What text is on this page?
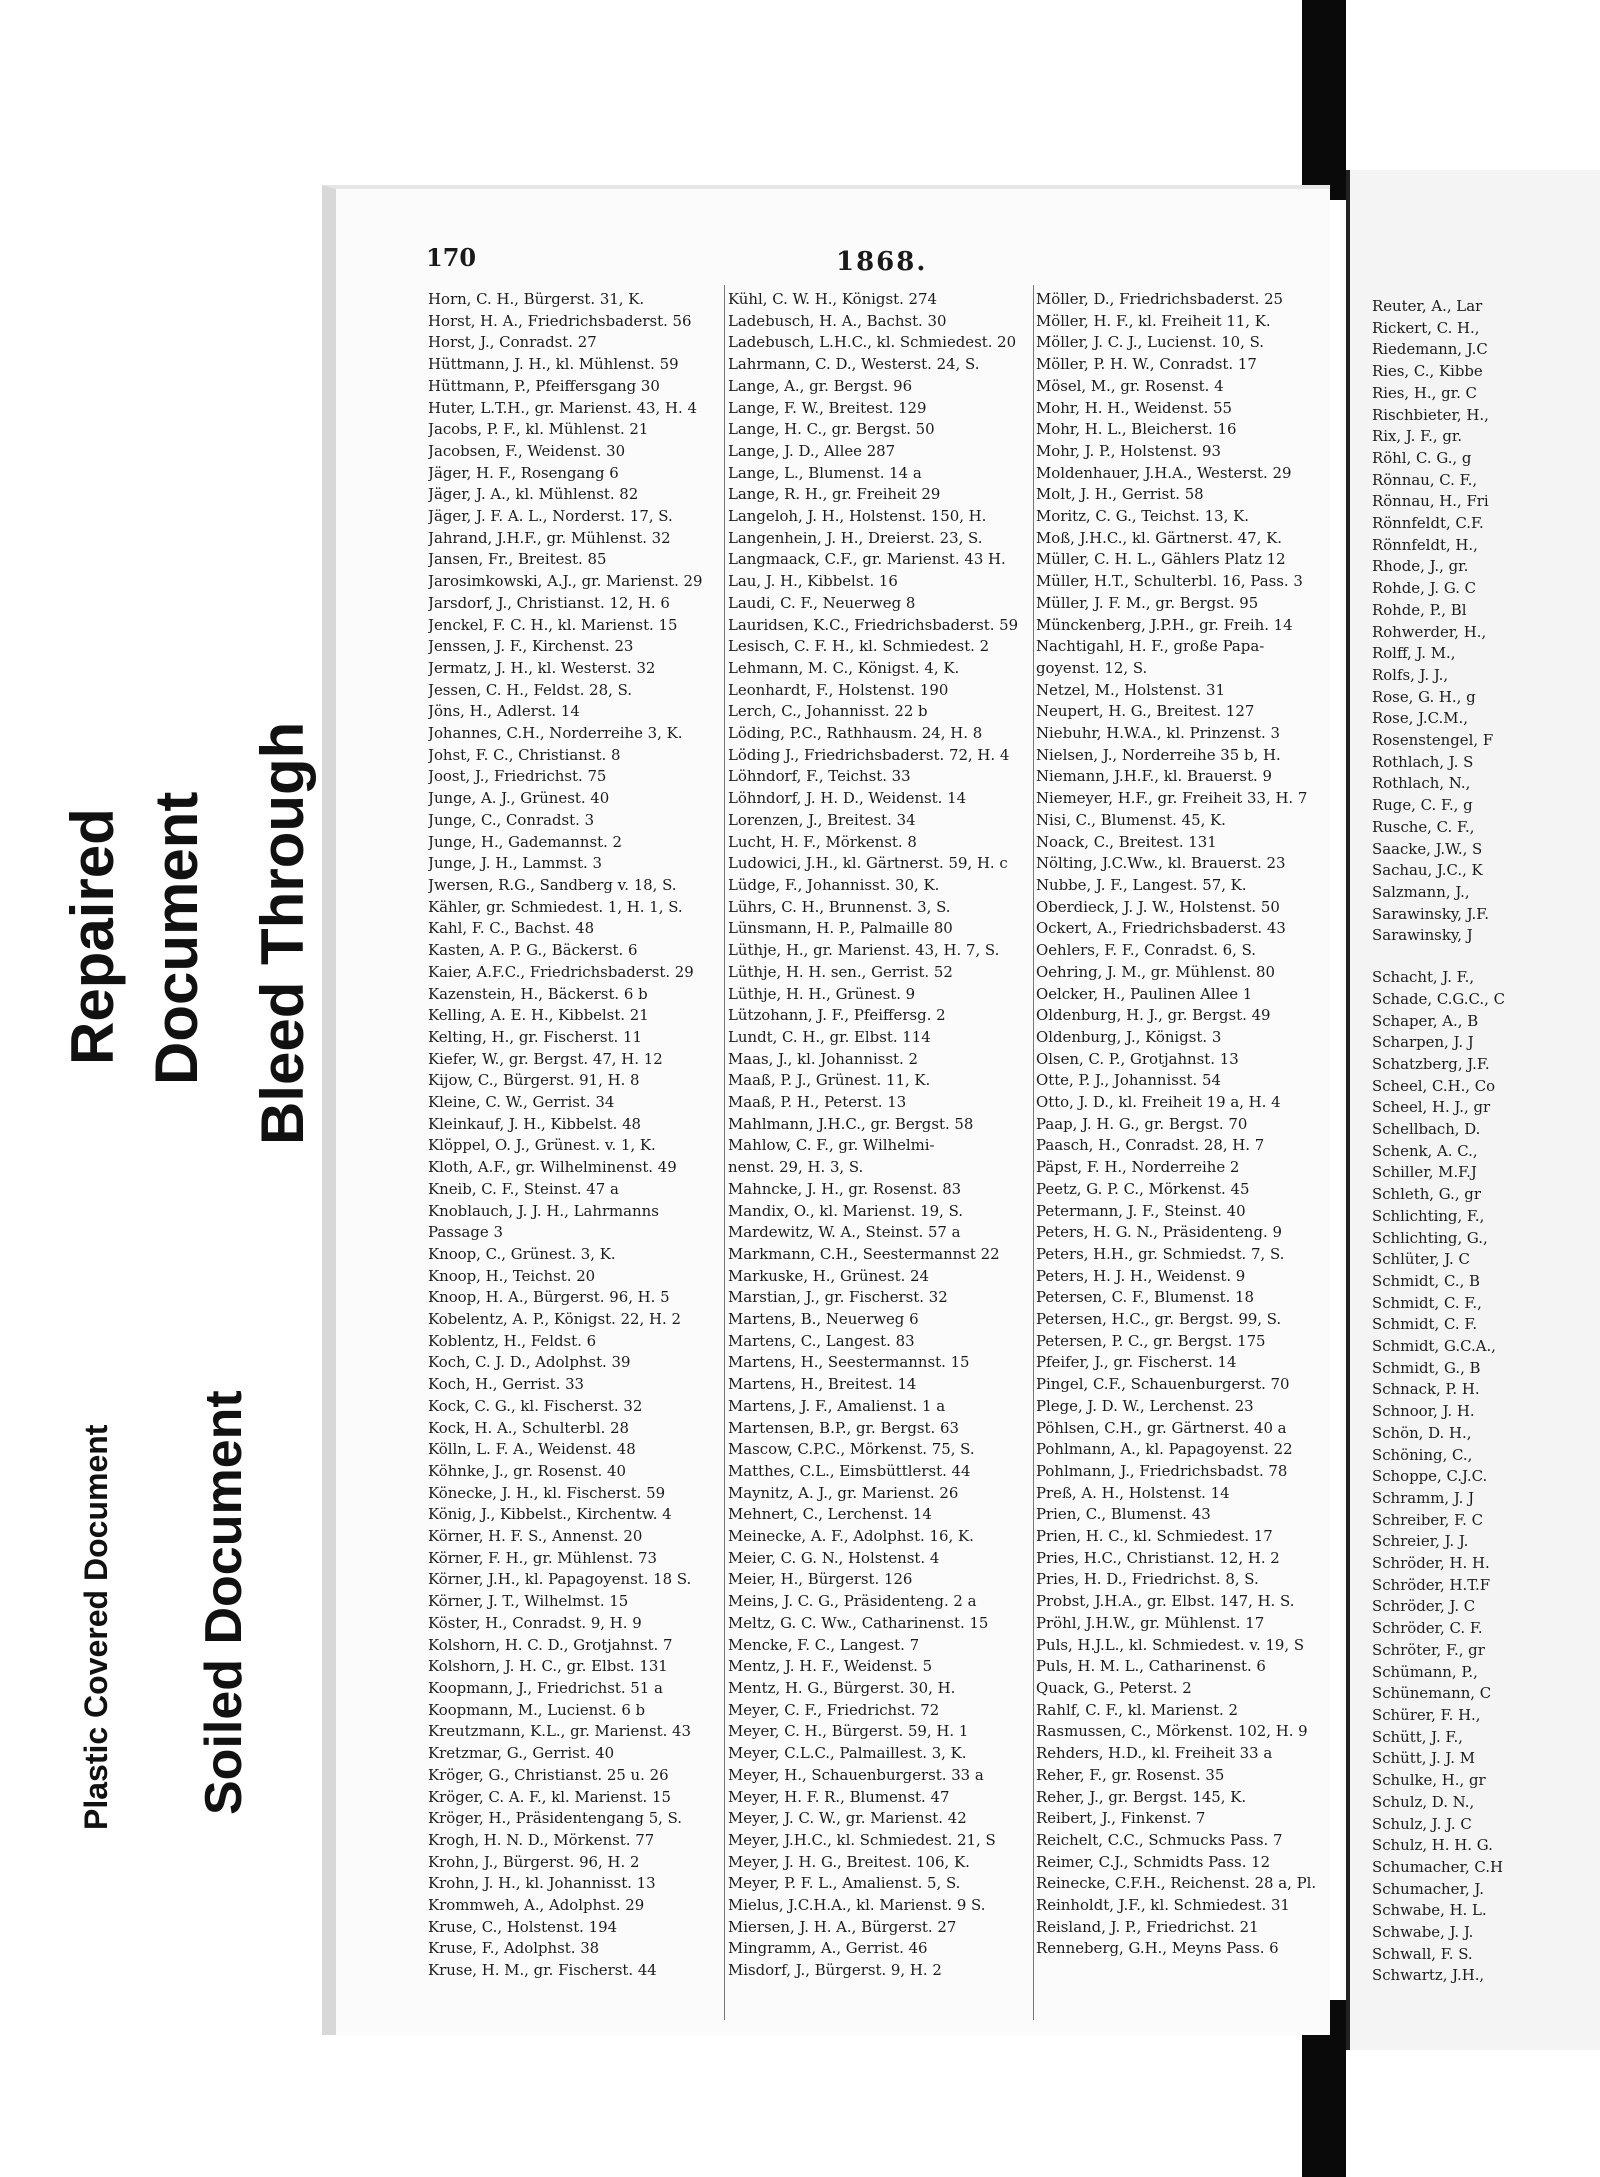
Reuter, A., Lar
Rickert, C. H.,
Riedemann, J.C
Ries, C., Kibbe
Ries, H., gr. C
Rischbieter, H.,
Rix, J. F., gr.
Röhl, C. G., g
Rönnau, C. F.,
Rönnau, H., Fri
Rönnfeldt, C.F.
Rönnfeldt, H.,
Rhode, J., gr.
Rohde, J. G. C
Rohde, P., Bl
Rohwerder, H.,
Rolff, J. M.,
Rolfs, J. J.,
Rose, G. H., g
Rose, J.C.M.,
Rosenstengel, F
Rothlach, J. S
Rothlach, N.,
Ruge, C. F., g
Rusche, C. F.,
Saacke, J.W., S
Sachau, J.C., K
Salzmann, J.,
Sarawinsky, J.F.
Sarawinsky, J
Schacht, J. F.,
Schade, C.G.C., C
Schaper, A., B
Scharpen, J. J
Schatzberg, J.F.
Scheel, C.H., Co
Scheel, H. J., gr
Schellbach, D.
Schenk, A. C.,
Schiller, M.F.J
Schleth, G., gr
Schlichting, F.,
Schlichting, G.,
Schlüter, J. C
Schmidt, C., B
Schmidt, C. F.,
Schmidt, C. F.
Schmidt, G.C.A.,
Schmidt, G., B
Schnack, P. H.
Schnoor, J. H.
Schön, D. H.,
Schöning, C.,
Schoppe, C.J.C.
Schramm, J. J
Schreiber, F. C
Schreier, J. J.
Schröder, H. H.
Schröder, H.T.F
Schröder, J. C
Schröder, C. F.
Schröter, F., gr
Schümann, P.,
Schünemann, C
Schürer, F. H.,
Schütt, J. F.,
Schütt, J. J. M
Schulke, H., gr
Schulz, D. N.,
Schulz, J. J. C
Schulz, H. H. G.
Schumacher, C.H
Schumacher, J.
Schwabe, H. L.
Schwabe, J. J.
Schwall, F. S.
Schwartz, J.H.,
170	1868.
Horn, C. H., Bürgerst. 31, K.
Horst, H. A., Friedrichsbaderst. 56
Horst, J., Conradst. 27
Hüttmann, J. H., kl. Mühlenst. 59
Hüttmann, P., Pfeiffersgang 30
Huter, L.T.H., gr. Marienst. 43, H. 4
Jacobs, P. F., kl. Mühlenst. 21
Jacobsen, F., Weidenst. 30
Jäger, H. F., Rosengang 6
Jäger, J. A., kl. Mühlenst. 82
Jäger, J. F. A. L., Norderst. 17, S.
Jahrand, J.H.F., gr. Mühlenst. 32
Jansen, Fr., Breitest. 85
Jarosimkowski, A.J., gr. Marienst. 29
Jarsdorf, J., Christianst. 12, H. 6
Jenckel, F. C. H., kl. Marienst. 15
Jenssen, J. F., Kirchenst. 23
Jermatz, J. H., kl. Westerst. 32
Jessen, C. H., Feldst. 28, S.
Jöns, H., Adlerst. 14
Johannes, C.H., Norderreihe 3, K.
Johst, F. C., Christianst. 8
Joost, J., Friedrichst. 75
Junge, A. J., Grünest. 40
Junge, C., Conradst. 3
Junge, H., Gademannst. 2
Junge, J. H., Lammst. 3
Jwersen, R.G., Sandberg v. 18, S.
Kähler, gr. Schmiedest. 1, H. 1, S.
Kahl, F. C., Bachst. 48
Kasten, A. P. G., Bäckerst. 6
Kaier, A.F.C., Friedrichsbaderst. 29
Kazenstein, H., Bäckerst. 6 b
Kelling, A. E. H., Kibbelst. 21
Kelting, H., gr. Fischerst. 11
Kiefer, W., gr. Bergst. 47, H. 12
Kijow, C., Bürgerst. 91, H. 8
Kleine, C. W., Gerrist. 34
Kleinkauf, J. H., Kibbelst. 48
Klöppel, O. J., Grünest. v. 1, K.
Kloth, A.F., gr. Wilhelminenst. 49
Kneib, C. F., Steinst. 47 a
Knoblauch, J. J. H., Lahrmanns
Passage 3
Knoop, C., Grünest. 3, K.
Knoop, H., Teichst. 20
Knoop, H. A., Bürgerst. 96, H. 5
Kobelentz, A. P., Königst. 22, H. 2
Koblentz, H., Feldst. 6
Koch, C. J. D., Adolphst. 39
Koch, H., Gerrist. 33
Kock, C. G., kl. Fischerst. 32
Kock, H. A., Schulterbl. 28
Kölln, L. F. A., Weidenst. 48
Köhnke, J., gr. Rosenst. 40
Könecke, J. H., kl. Fischerst. 59
König, J., Kibbelst., Kirchentw. 4
Körner, H. F. S., Annenst. 20
Körner, F. H., gr. Mühlenst. 73
Körner, J.H., kl. Papagoyenst. 18 S.
Körner, J. T., Wilhelmst. 15
Köster, H., Conradst. 9, H. 9
Kolshorn, H. C. D., Grotjahnst. 7
Kolshorn, J. H. C., gr. Elbst. 131
Koopmann, J., Friedrichst. 51 a
Koopmann, M., Lucienst. 6 b
Kreutzmann, K.L., gr. Marienst. 43
Kretzmar, G., Gerrist. 40
Kröger, G., Christianst. 25 u. 26
Kröger, C. A. F., kl. Marienst. 15
Kröger, H., Präsidentengang 5, S.
Krogh, H. N. D., Mörkenst. 77
Krohn, J., Bürgerst. 96, H. 2
Krohn, J. H., kl. Johannisst. 13
Krommweh, A., Adolphst. 29
Kruse, C., Holstenst. 194
Kruse, F., Adolphst. 38
Kruse, H. M., gr. Fischerst. 44
Kühl, C. W. H., Königst. 274
Ladebusch, H. A., Bachst. 30
Ladebusch, L.H.C., kl. Schmiedest. 20
Lahrmann, C. D., Westerst. 24, S.
Lange, A., gr. Bergst. 96
Lange, F. W., Breitest. 129
Lange, H. C., gr. Bergst. 50
Lange, J. D., Allee 287
Lange, L., Blumenst. 14 a
Lange, R. H., gr. Freiheit 29
Langeloh, J. H., Holstenst. 150, H.
Langenhein, J. H., Dreierst. 23, S.
Langmaack, C.F., gr. Marienst. 43 H.
Lau, J. H., Kibbelst. 16
Laudi, C. F., Neuerweg 8
Lauridsen, K.C., Friedrichsbaderst. 59
Lesisch, C. F. H., kl. Schmiedest. 2
Lehmann, M. C., Königst. 4, K.
Leonhardt, F., Holstenst. 190
Lerch, C., Johannisst. 22 b
Löding, P.C., Rathhausm. 24, H. 8
Löding J., Friedrichsbaderst. 72, H. 4
Löhndorf, F., Teichst. 33
Löhndorf, J. H. D., Weidenst. 14
Lorenzen, J., Breitest. 34
Lucht, H. F., Mörkenst. 8
Ludowici, J.H., kl. Gärtnerst. 59, H. c
Lüdge, F., Johannisst. 30, K.
Lührs, C. H., Brunnenst. 3, S.
Lünsmann, H. P., Palmaille 80
Lüthje, H., gr. Marienst. 43, H. 7, S.
Lüthje, H. H. sen., Gerrist. 52
Lüthje, H. H., Grünest. 9
Lützohann, J. F., Pfeiffersg. 2
Lundt, C. H., gr. Elbst. 114
Maas, J., kl. Johannisst. 2
Maaß, P. J., Grünest. 11, K.
Maaß, P. H., Peterst. 13
Mahlmann, J.H.C., gr. Bergst. 58
Mahlow, C. F., gr. Wilhelmi-
nenst. 29, H. 3, S.
Mahncke, J. H., gr. Rosenst. 83
Mandix, O., kl. Marienst. 19, S.
Mardewitz, W. A., Steinst. 57 a
Markmann, C.H., Seestermannst 22
Markuske, H., Grünest. 24
Marstian, J., gr. Fischerst. 32
Martens, B., Neuerweg 6
Martens, C., Langest. 83
Martens, H., Seestermannst. 15
Martens, H., Breitest. 14
Martens, J. F., Amalienst. 1 a
Martensen, B.P., gr. Bergst. 63
Mascow, C.P.C., Mörkenst. 75, S.
Matthes, C.L., Eimsbüttlerst. 44
Maynitz, A. J., gr. Marienst. 26
Mehnert, C., Lerchenst. 14
Meinecke, A. F., Adolphst. 16, K.
Meier, C. G. N., Holstenst. 4
Meier, H., Bürgerst. 126
Meins, J. C. G., Präsidenteng. 2 a
Meltz, G. C. Ww., Catharinenst. 15
Mencke, F. C., Langest. 7
Mentz, J. H. F., Weidenst. 5
Mentz, H. G., Bürgerst. 30, H.
Meyer, C. F., Friedrichst. 72
Meyer, C. H., Bürgerst. 59, H. 1
Meyer, C.L.C., Palmaillest. 3, K.
Meyer, H., Schauenburgerst. 33 a
Meyer, H. F. R., Blumenst. 47
Meyer, J. C. W., gr. Marienst. 42
Meyer, J.H.C., kl. Schmiedest. 21, S
Meyer, J. H. G., Breitest. 106, K.
Meyer, P. F. L., Amalienst. 5, S.
Mielus, J.C.H.A., kl. Marienst. 9 S.
Miersen, J. H. A., Bürgerst. 27
Mingramm, A., Gerrist. 46
Misdorf, J., Bürgerst. 9, H. 2
Möller, D., Friedrichsbaderst. 25
Möller, H. F., kl. Freiheit 11, K.
Möller, J. C. J., Lucienst. 10, S.
Möller, P. H. W., Conradst. 17
Mösel, M., gr. Rosenst. 4
Mohr, H. H., Weidenst. 55
Mohr, H. L., Bleicherst. 16
Mohr, J. P., Holstenst. 93
Moldenhauer, J.H.A., Westerst. 29
Molt, J. H., Gerrist. 58
Moritz, C. G., Teichst. 13, K.
Moß, J.H.C., kl. Gärtnerst. 47, K.
Müller, C. H. L., Gählers Platz 12
Müller, H.T., Schulterbl. 16, Pass. 3
Müller, J. F. M., gr. Bergst. 95
Münckenberg, J.P.H., gr. Freih. 14
Nachtigahl, H. F., große Papa-
goyenst. 12, S.
Netzel, M., Holstenst. 31
Neupert, H. G., Breitest. 127
Niebuhr, H.W.A., kl. Prinzenst. 3
Nielsen, J., Norderreihe 35 b, H.
Niemann, J.H.F., kl. Brauerst. 9
Niemeyer, H.F., gr. Freiheit 33, H. 7
Nisi, C., Blumenst. 45, K.
Noack, C., Breitest. 131
Nölting, J.C.Ww., kl. Brauerst. 23
Nubbe, J. F., Langest. 57, K.
Oberdieck, J. J. W., Holstenst. 50
Ockert, A., Friedrichsbaderst. 43
Oehlers, F. F., Conradst. 6, S.
Oehring, J. M., gr. Mühlenst. 80
Oelcker, H., Paulinen Allee 1
Oldenburg, H. J., gr. Bergst. 49
Oldenburg, J., Königst. 3
Olsen, C. P., Grotjahnst. 13
Otte, P. J., Johannisst. 54
Otto, J. D., kl. Freiheit 19 a, H. 4
Paap, J. H. G., gr. Bergst. 70
Paasch, H., Conradst. 28, H. 7
Päpst, F. H., Norderreihe 2
Peetz, G. P. C., Mörkenst. 45
Petermann, J. F., Steinst. 40
Peters, H. G. N., Präsidenteng. 9
Peters, H.H., gr. Schmiedst. 7, S.
Peters, H. J. H., Weidenst. 9
Petersen, C. F., Blumenst. 18
Petersen, H.C., gr. Bergst. 99, S.
Petersen, P. C., gr. Bergst. 175
Pfeifer, J., gr. Fischerst. 14
Pingel, C.F., Schauenburgerst. 70
Plege, J. D. W., Lerchenst. 23
Pöhlsen, C.H., gr. Gärtnerst. 40 a
Pohlmann, A., kl. Papagoyenst. 22
Pohlmann, J., Friedrichsbadst. 78
Preß, A. H., Holstenst. 14
Prien, C., Blumenst. 43
Prien, H. C., kl. Schmiedest. 17
Pries, H.C., Christianst. 12, H. 2
Pries, H. D., Friedrichst. 8, S.
Probst, J.H.A., gr. Elbst. 147, H. S.
Pröhl, J.H.W., gr. Mühlenst. 17
Puls, H.J.L., kl. Schmiedest. v. 19, S
Puls, H. M. L., Catharinenst. 6
Quack, G., Peterst. 2
Rahlf, C. F., kl. Marienst. 2
Rasmussen, C., Mörkenst. 102, H. 9
Rehders, H.D., kl. Freiheit 33 a
Reher, F., gr. Rosenst. 35
Reher, J., gr. Bergst. 145, K.
Reibert, J., Finkenst. 7
Reichelt, C.C., Schmucks Pass. 7
Reimer, C.J., Schmidts Pass. 12
Reinecke, C.F.H., Reichenst. 28 a, Pl.
Reinholdt, J.F., kl. Schmiedest. 31
Reisland, J. P., Friedrichst. 21
Renneberg, G.H., Meyns Pass. 6
Repaired Document Bleed Through
Plastic Covered Document Soiled Document
